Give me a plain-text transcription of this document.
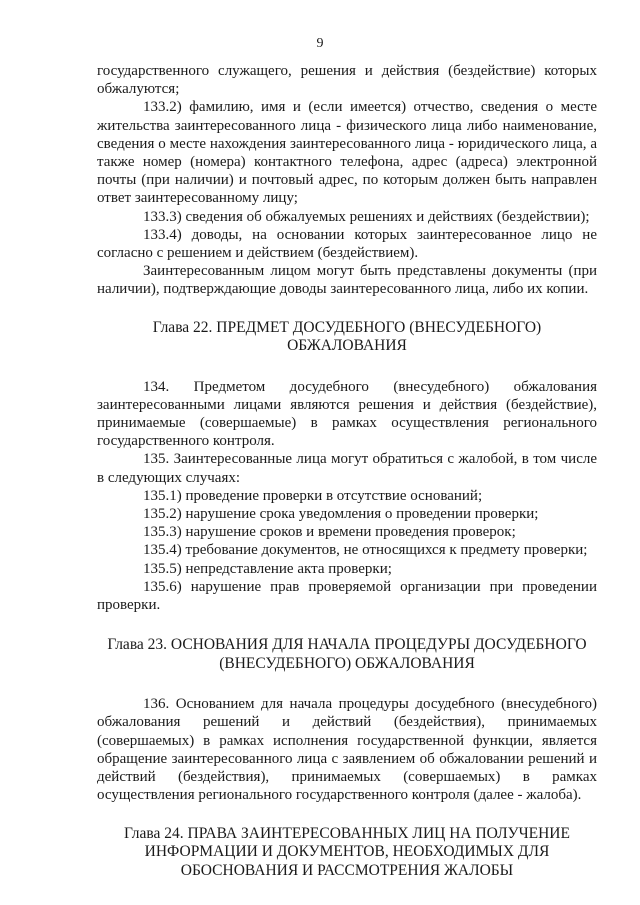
9

государственного служащего, решения и действия (бездействие) которых обжалуются;

133.2) фамилию, имя и (если имеется) отчество, сведения о месте жительства заинтересованного лица - физического лица либо наименование, сведения о месте нахождения заинтересованного лица - юридического лица, а также номер (номера) контактного телефона, адрес (адреса) электронной почты (при наличии) и почтовый адрес, по которым должен быть направлен ответ заинтересованному лицу;

133.3) сведения об обжалуемых решениях и действиях (бездействии);

133.4) доводы, на основании которых заинтересованное лицо не согласно с решением и действием (бездействием).

Заинтересованным лицом могут быть представлены документы (при наличии), подтверждающие доводы заинтересованного лица, либо их копии.

Глава 22. ПРЕДМЕТ ДОСУДЕБНОГО (ВНЕСУДЕБНОГО) ОБЖАЛОВАНИЯ

134. Предметом досудебного (внесудебного) обжалования заинтересованными лицами являются решения и действия (бездействие), принимаемые (совершаемые) в рамках осуществления регионального государственного контроля.

135. Заинтересованные лица могут обратиться с жалобой, в том числе в следующих случаях:

135.1) проведение проверки в отсутствие оснований;

135.2) нарушение срока уведомления о проведении проверки;

135.3) нарушение сроков и времени проведения проверок;

135.4) требование документов, не относящихся к предмету проверки;

135.5) непредставление акта проверки;

135.6) нарушение прав проверяемой организации при проведении проверки.

Глава 23. ОСНОВАНИЯ ДЛЯ НАЧАЛА ПРОЦЕДУРЫ ДОСУДЕБНОГО (ВНЕСУДЕБНОГО) ОБЖАЛОВАНИЯ

136. Основанием для начала процедуры досудебного (внесудебного) обжалования решений и действий (бездействия), принимаемых (совершаемых) в рамках исполнения государственной функции, является обращение заинтересованного лица с заявлением об обжаловании решений и действий (бездействия), принимаемых (совершаемых) в рамках осуществления регионального государственного контроля (далее - жалоба).

Глава 24. ПРАВА ЗАИНТЕРЕСОВАННЫХ ЛИЦ НА ПОЛУЧЕНИЕ ИНФОРМАЦИИ И ДОКУМЕНТОВ, НЕОБХОДИМЫХ ДЛЯ ОБОСНОВАНИЯ И РАССМОТРЕНИЯ ЖАЛОБЫ
